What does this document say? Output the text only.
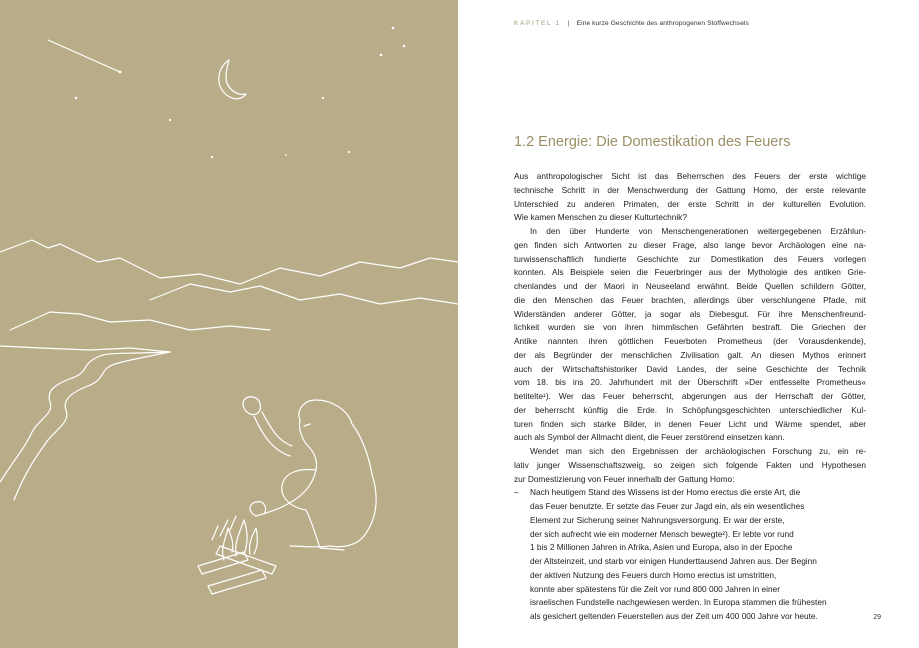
KAPITEL 1 | Eine kurze Geschichte des anthropogenen Stoffwechsels
1.2 Energie: Die Domestikation des Feuers
Aus anthropologischer Sicht ist das Beherrschen des Feuers der erste wichtige
technische Schritt in der Menschwerdung der Gattung Homo, der erste relevante
Unterschied zu anderen Primaten, der erste Schritt in der kulturellen Evolution.
Wie kamen Menschen zu dieser Kulturtechnik?
In den über Hunderte von Menschengenerationen weitergegebenen Erzählun-
gen finden sich Antworten zu dieser Frage, also lange bevor Archäologen eine na-
turwissenschaftlich fundierte Geschichte zur Domestikation des Feuers vorlegen
konnten. Als Beispiele seien die Feuerbringer aus der Mythologie des antiken Grie-
chenlandes und der Maori in Neuseeland erwähnt. Beide Quellen schildern Götter,
die den Menschen das Feuer brachten, allerdings über verschlungene Pfade, mit
Widerständen anderer Götter, ja sogar als Diebesgut. Für ihre Menschenfreund-
lichkeit wurden sie von ihren himmlischen Gefährten bestraft. Die Griechen der
Antike nannten ihren göttlichen Feuerboten Prometheus (der Vorausdenkende),
der als Begründer der menschlichen Zivilisation galt. An diesen Mythos erinnert
auch der Wirtschaftshistoriker David Landes, der seine Geschichte der Technik
vom 18. bis ins 20. Jahrhundert mit der Überschrift »Der entfesselte Prometheus«
betitelte¹). Wer das Feuer beherrscht, abgerungen aus der Herrschaft der Götter,
der beherrscht künftig die Erde. In Schöpfungsgeschichten unterschiedlicher Kul-
turen finden sich starke Bilder, in denen Feuer Licht und Wärme spendet, aber
auch als Symbol der Allmacht dient, die Feuer zerstörend einsetzen kann.
Wendet man sich den Ergebnissen der archäologischen Forschung zu, ein re-
lativ junger Wissenschaftszweig, so zeigen sich folgende Fakten und Hypothesen
zur Domestizierung von Feuer innerhalb der Gattung Homo:
– Nach heutigem Stand des Wissens ist der Homo erectus die erste Art, die
das Feuer benutzte. Er setzte das Feuer zur Jagd ein, als ein wesentliches
Element zur Sicherung seiner Nahrungsversorgung. Er war der erste,
der sich aufrecht wie ein moderner Mensch bewegte²). Er lebte vor rund
1 bis 2 Millionen Jahren in Afrika, Asien und Europa, also in der Epoche
der Altsteinzeit, und starb vor einigen Hunderttausend Jahren aus. Der Beginn
der aktiven Nutzung des Feuers durch Homo erectus ist umstritten,
konnte aber spätestens für die Zeit vor rund 800 000 Jahren in einer
israelischen Fundstelle nachgewiesen werden. In Europa stammen die frühesten
als gesichert geltenden Feuerstellen aus der Zeit um 400 000 Jahre vor heute.	29
